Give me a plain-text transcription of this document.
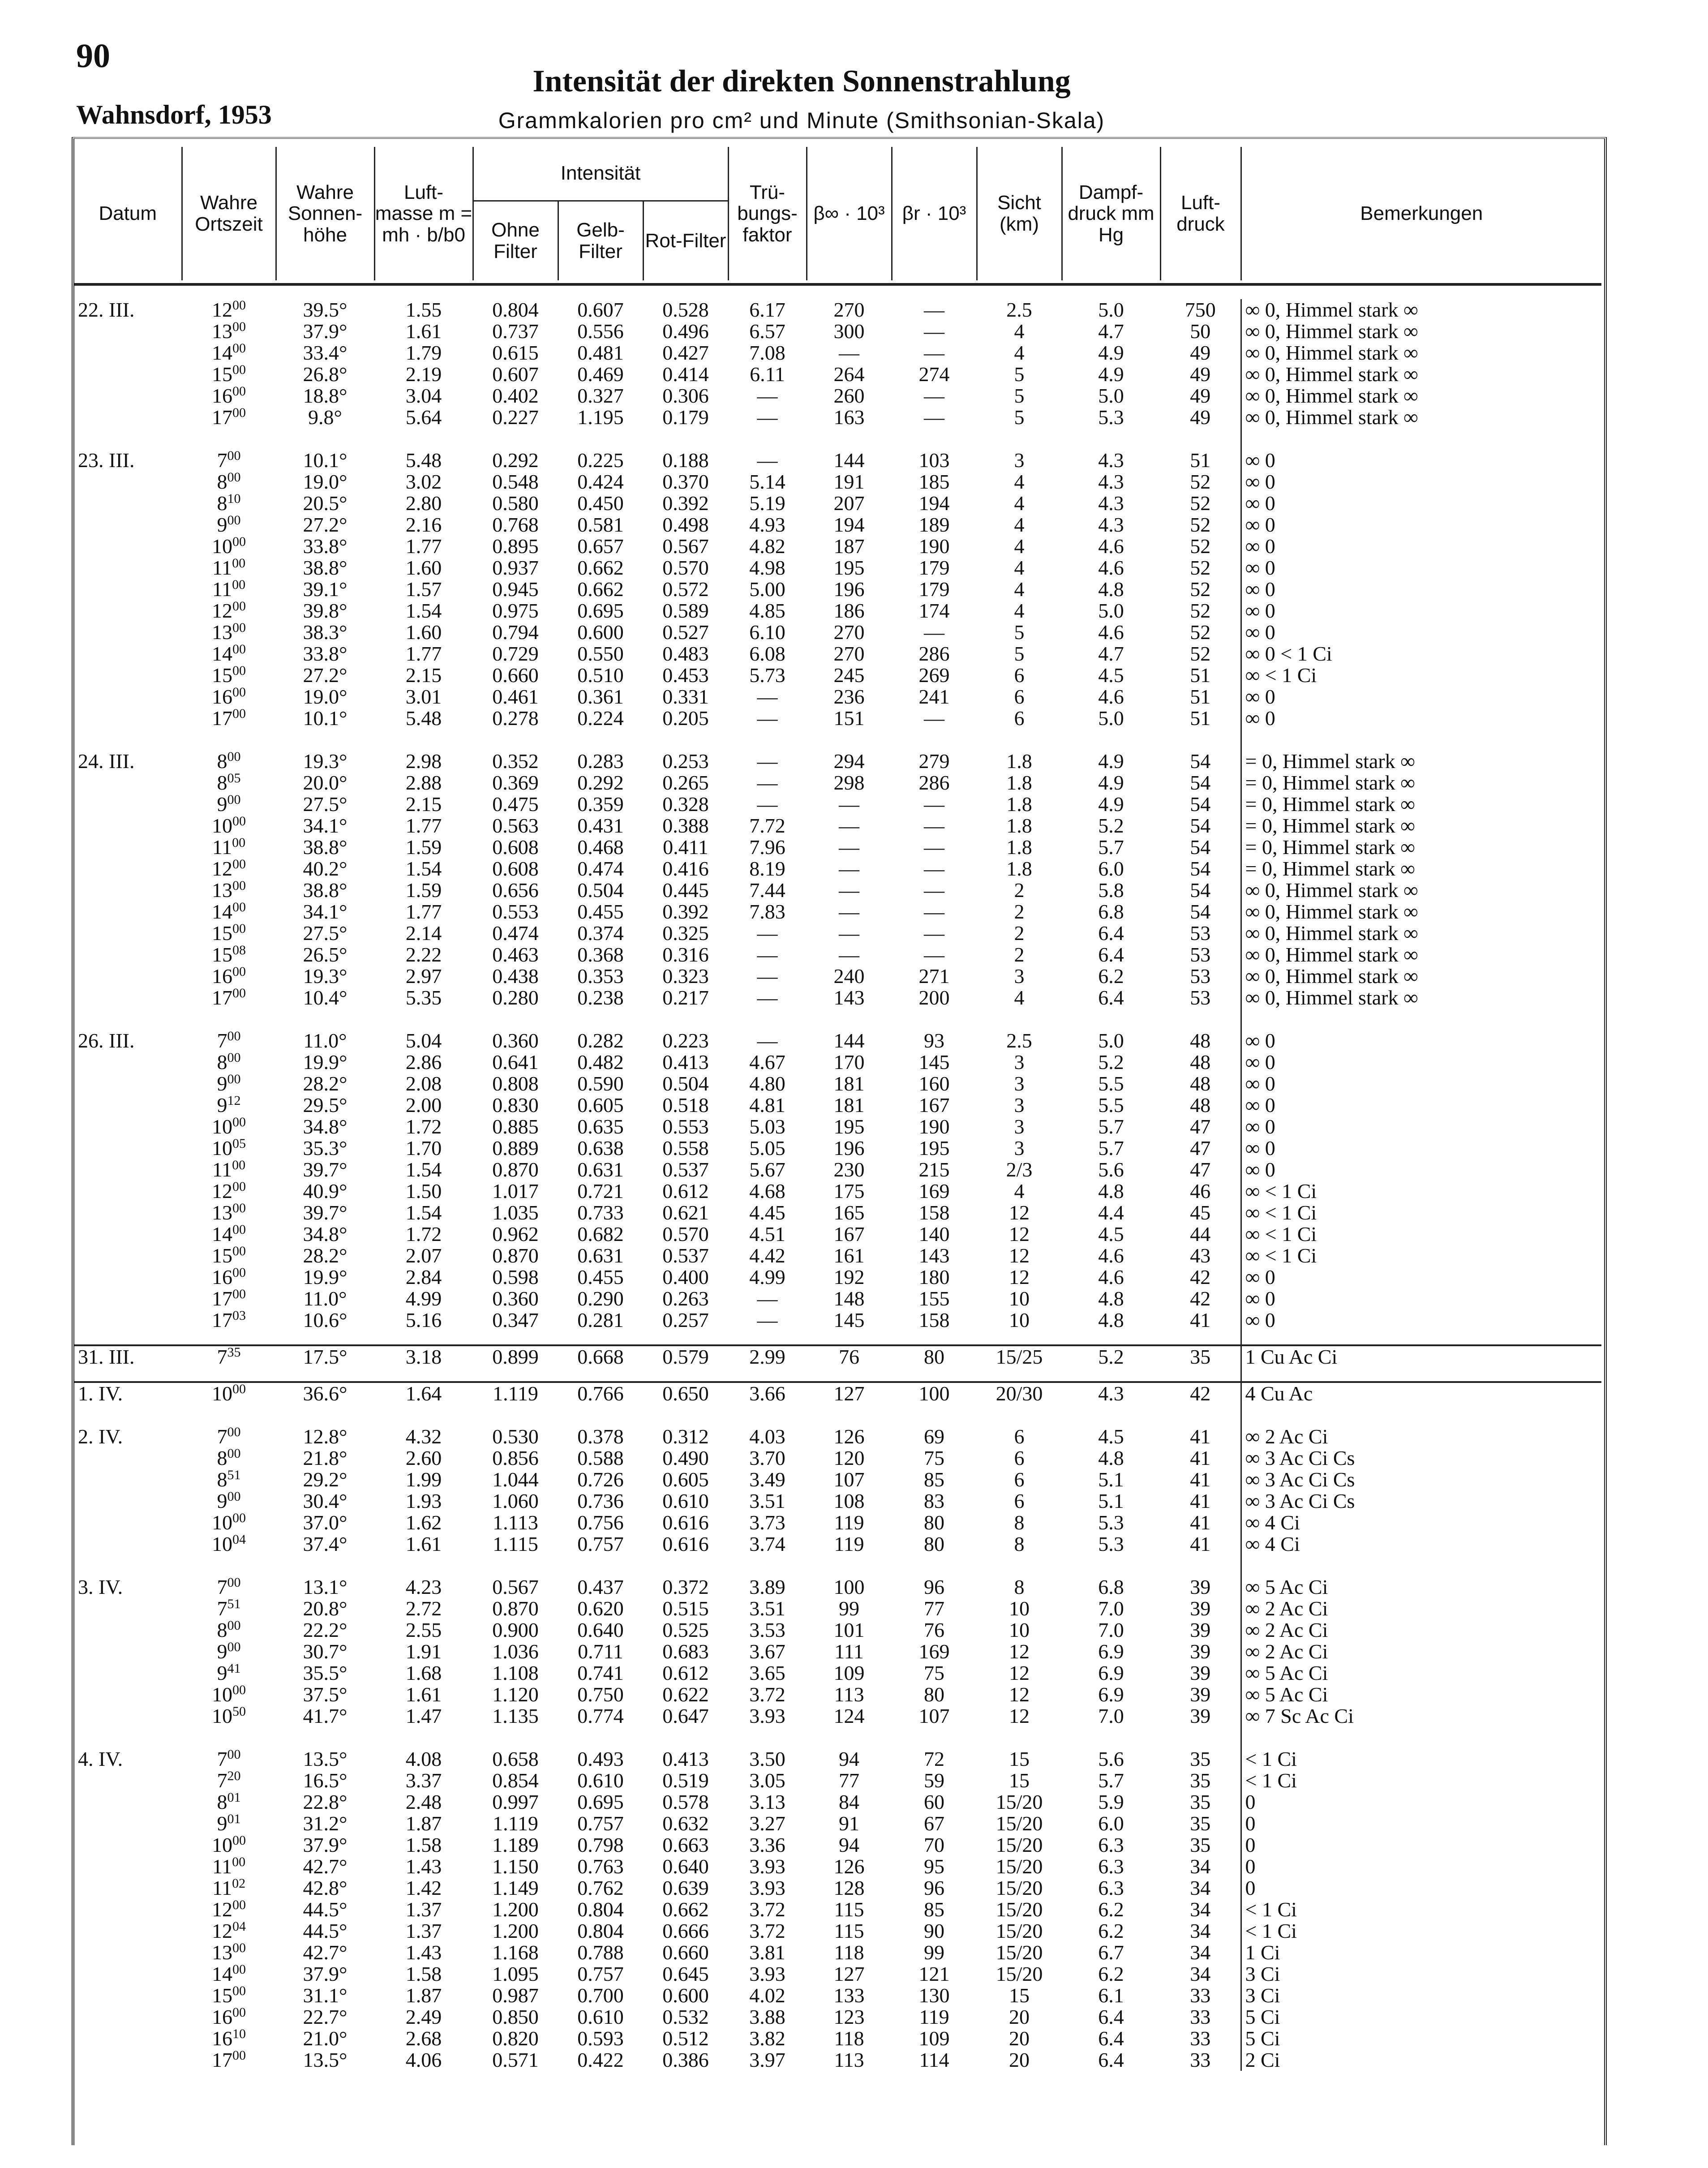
90
Wahnsdorf, 1953
Intensität der direkten Sonnenstrahlung
Grammkalorien pro cm² und Minute (Smithsonian-Skala)
Datum	Wahre Ortszeit	Wahre Sonnen-höhe	Luft-masse m = mh · b/b0	Intensität			Trü-bungs-faktor	β∞ · 10³	βr · 10³	Sicht (km)	Dampf-druck mm Hg	Luft-druck	Bemerkungen
				Ohne Filter	Gelb-Filter	Rot-Filter							
22. III.	$12^{00}$	39.5°	1.55	0.804	0.607	0.528	6.17	270	—	2.5	5.0	750	∞ 0, Himmel stark ∞
	$13^{00}$	37.9°	1.61	0.737	0.556	0.496	6.57	300	—	4	4.7	50	∞ 0, Himmel stark ∞
	$14^{00}$	33.4°	1.79	0.615	0.481	0.427	7.08	—	—	4	4.9	49	∞ 0, Himmel stark ∞
	$15^{00}$	26.8°	2.19	0.607	0.469	0.414	6.11	264	274	5	4.9	49	∞ 0, Himmel stark ∞
	$16^{00}$	18.8°	3.04	0.402	0.327	0.306	—	260	—	5	5.0	49	∞ 0, Himmel stark ∞
	$17^{00}$	9.8°	5.64	0.227	1.195	0.179	—	163	—	5	5.3	49	∞ 0, Himmel stark ∞

23. III.	$7^{00}$	10.1°	5.48	0.292	0.225	0.188	—	144	103	3	4.3	51	∞ 0
	$8^{00}$	19.0°	3.02	0.548	0.424	0.370	5.14	191	185	4	4.3	52	∞ 0
	$8^{10}$	20.5°	2.80	0.580	0.450	0.392	5.19	207	194	4	4.3	52	∞ 0
	$9^{00}$	27.2°	2.16	0.768	0.581	0.498	4.93	194	189	4	4.3	52	∞ 0
	$10^{00}$	33.8°	1.77	0.895	0.657	0.567	4.82	187	190	4	4.6	52	∞ 0
	$11^{00}$	38.8°	1.60	0.937	0.662	0.570	4.98	195	179	4	4.6	52	∞ 0
	$11^{00}$	39.1°	1.57	0.945	0.662	0.572	5.00	196	179	4	4.8	52	∞ 0
	$12^{00}$	39.8°	1.54	0.975	0.695	0.589	4.85	186	174	4	5.0	52	∞ 0
	$13^{00}$	38.3°	1.60	0.794	0.600	0.527	6.10	270	—	5	4.6	52	∞ 0
	$14^{00}$	33.8°	1.77	0.729	0.550	0.483	6.08	270	286	5	4.7	52	∞ 0 < 1 Ci
	$15^{00}$	27.2°	2.15	0.660	0.510	0.453	5.73	245	269	6	4.5	51	∞ < 1 Ci
	$16^{00}$	19.0°	3.01	0.461	0.361	0.331	—	236	241	6	4.6	51	∞ 0
	$17^{00}$	10.1°	5.48	0.278	0.224	0.205	—	151	—	6	5.0	51	∞ 0

24. III.	$8^{00}$	19.3°	2.98	0.352	0.283	0.253	—	294	279	1.8	4.9	54	= 0, Himmel stark ∞
	$8^{05}$	20.0°	2.88	0.369	0.292	0.265	—	298	286	1.8	4.9	54	= 0, Himmel stark ∞
	$9^{00}$	27.5°	2.15	0.475	0.359	0.328	—	—	—	1.8	4.9	54	= 0, Himmel stark ∞
	$10^{00}$	34.1°	1.77	0.563	0.431	0.388	7.72	—	—	1.8	5.2	54	= 0, Himmel stark ∞
	$11^{00}$	38.8°	1.59	0.608	0.468	0.411	7.96	—	—	1.8	5.7	54	= 0, Himmel stark ∞
	$12^{00}$	40.2°	1.54	0.608	0.474	0.416	8.19	—	—	1.8	6.0	54	= 0, Himmel stark ∞
	$13^{00}$	38.8°	1.59	0.656	0.504	0.445	7.44	—	—	2	5.8	54	∞ 0, Himmel stark ∞
	$14^{00}$	34.1°	1.77	0.553	0.455	0.392	7.83	—	—	2	6.8	54	∞ 0, Himmel stark ∞
	$15^{00}$	27.5°	2.14	0.474	0.374	0.325	—	—	—	2	6.4	53	∞ 0, Himmel stark ∞
	$15^{08}$	26.5°	2.22	0.463	0.368	0.316	—	—	—	2	6.4	53	∞ 0, Himmel stark ∞
	$16^{00}$	19.3°	2.97	0.438	0.353	0.323	—	240	271	3	6.2	53	∞ 0, Himmel stark ∞
	$17^{00}$	10.4°	5.35	0.280	0.238	0.217	—	143	200	4	6.4	53	∞ 0, Himmel stark ∞

26. III.	$7^{00}$	11.0°	5.04	0.360	0.282	0.223	—	144	93	2.5	5.0	48	∞ 0
	$8^{00}$	19.9°	2.86	0.641	0.482	0.413	4.67	170	145	3	5.2	48	∞ 0
	$9^{00}$	28.2°	2.08	0.808	0.590	0.504	4.80	181	160	3	5.5	48	∞ 0
	$9^{12}$	29.5°	2.00	0.830	0.605	0.518	4.81	181	167	3	5.5	48	∞ 0
	$10^{00}$	34.8°	1.72	0.885	0.635	0.553	5.03	195	190	3	5.7	47	∞ 0
	$10^{05}$	35.3°	1.70	0.889	0.638	0.558	5.05	196	195	3	5.7	47	∞ 0
	$11^{00}$	39.7°	1.54	0.870	0.631	0.537	5.67	230	215	2/3	5.6	47	∞ 0
	$12^{00}$	40.9°	1.50	1.017	0.721	0.612	4.68	175	169	4	4.8	46	∞ < 1 Ci
	$13^{00}$	39.7°	1.54	1.035	0.733	0.621	4.45	165	158	12	4.4	45	∞ < 1 Ci
	$14^{00}$	34.8°	1.72	0.962	0.682	0.570	4.51	167	140	12	4.5	44	∞ < 1 Ci
	$15^{00}$	28.2°	2.07	0.870	0.631	0.537	4.42	161	143	12	4.6	43	∞ < 1 Ci
	$16^{00}$	19.9°	2.84	0.598	0.455	0.400	4.99	192	180	12	4.6	42	∞ 0
	$17^{00}$	11.0°	4.99	0.360	0.290	0.263	—	148	155	10	4.8	42	∞ 0
	$17^{03}$	10.6°	5.16	0.347	0.281	0.257	—	145	158	10	4.8	41	∞ 0

31. III.	$7^{35}$	17.5°	3.18	0.899	0.668	0.579	2.99	76	80	15/25	5.2	35	1 Cu Ac Ci

1. IV.	$10^{00}$	36.6°	1.64	1.119	0.766	0.650	3.66	127	100	20/30	4.3	42	4 Cu Ac

2. IV.	$7^{00}$	12.8°	4.32	0.530	0.378	0.312	4.03	126	69	6	4.5	41	∞ 2 Ac Ci
	$8^{00}$	21.8°	2.60	0.856	0.588	0.490	3.70	120	75	6	4.8	41	∞ 3 Ac Ci Cs
	$8^{51}$	29.2°	1.99	1.044	0.726	0.605	3.49	107	85	6	5.1	41	∞ 3 Ac Ci Cs
	$9^{00}$	30.4°	1.93	1.060	0.736	0.610	3.51	108	83	6	5.1	41	∞ 3 Ac Ci Cs
	$10^{00}$	37.0°	1.62	1.113	0.756	0.616	3.73	119	80	8	5.3	41	∞ 4 Ci
	$10^{04}$	37.4°	1.61	1.115	0.757	0.616	3.74	119	80	8	5.3	41	∞ 4 Ci

3. IV.	$7^{00}$	13.1°	4.23	0.567	0.437	0.372	3.89	100	96	8	6.8	39	∞ 5 Ac Ci
	$7^{51}$	20.8°	2.72	0.870	0.620	0.515	3.51	99	77	10	7.0	39	∞ 2 Ac Ci
	$8^{00}$	22.2°	2.55	0.900	0.640	0.525	3.53	101	76	10	7.0	39	∞ 2 Ac Ci
	$9^{00}$	30.7°	1.91	1.036	0.711	0.683	3.67	111	169	12	6.9	39	∞ 2 Ac Ci
	$9^{41}$	35.5°	1.68	1.108	0.741	0.612	3.65	109	75	12	6.9	39	∞ 5 Ac Ci
	$10^{00}$	37.5°	1.61	1.120	0.750	0.622	3.72	113	80	12	6.9	39	∞ 5 Ac Ci
	$10^{50}$	41.7°	1.47	1.135	0.774	0.647	3.93	124	107	12	7.0	39	∞ 7 Sc Ac Ci

4. IV.	$7^{00}$	13.5°	4.08	0.658	0.493	0.413	3.50	94	72	15	5.6	35	< 1 Ci
	$7^{20}$	16.5°	3.37	0.854	0.610	0.519	3.05	77	59	15	5.7	35	< 1 Ci
	$8^{01}$	22.8°	2.48	0.997	0.695	0.578	3.13	84	60	15/20	5.9	35	0
	$9^{01}$	31.2°	1.87	1.119	0.757	0.632	3.27	91	67	15/20	6.0	35	0
	$10^{00}$	37.9°	1.58	1.189	0.798	0.663	3.36	94	70	15/20	6.3	35	0
	$11^{00}$	42.7°	1.43	1.150	0.763	0.640	3.93	126	95	15/20	6.3	34	0
	$11^{02}$	42.8°	1.42	1.149	0.762	0.639	3.93	128	96	15/20	6.3	34	0
	$12^{00}$	44.5°	1.37	1.200	0.804	0.662	3.72	115	85	15/20	6.2	34	< 1 Ci
	$12^{04}$	44.5°	1.37	1.200	0.804	0.666	3.72	115	90	15/20	6.2	34	< 1 Ci
	$13^{00}$	42.7°	1.43	1.168	0.788	0.660	3.81	118	99	15/20	6.7	34	1 Ci
	$14^{00}$	37.9°	1.58	1.095	0.757	0.645	3.93	127	121	15/20	6.2	34	3 Ci
	$15^{00}$	31.1°	1.87	0.987	0.700	0.600	4.02	133	130	15	6.1	33	3 Ci
	$16^{00}$	22.7°	2.49	0.850	0.610	0.532	3.88	123	119	20	6.4	33	5 Ci
	$16^{10}$	21.0°	2.68	0.820	0.593	0.512	3.82	118	109	20	6.4	33	5 Ci
	$17^{00}$	13.5°	4.06	0.571	0.422	0.386	3.97	113	114	20	6.4	33	2 Ci
